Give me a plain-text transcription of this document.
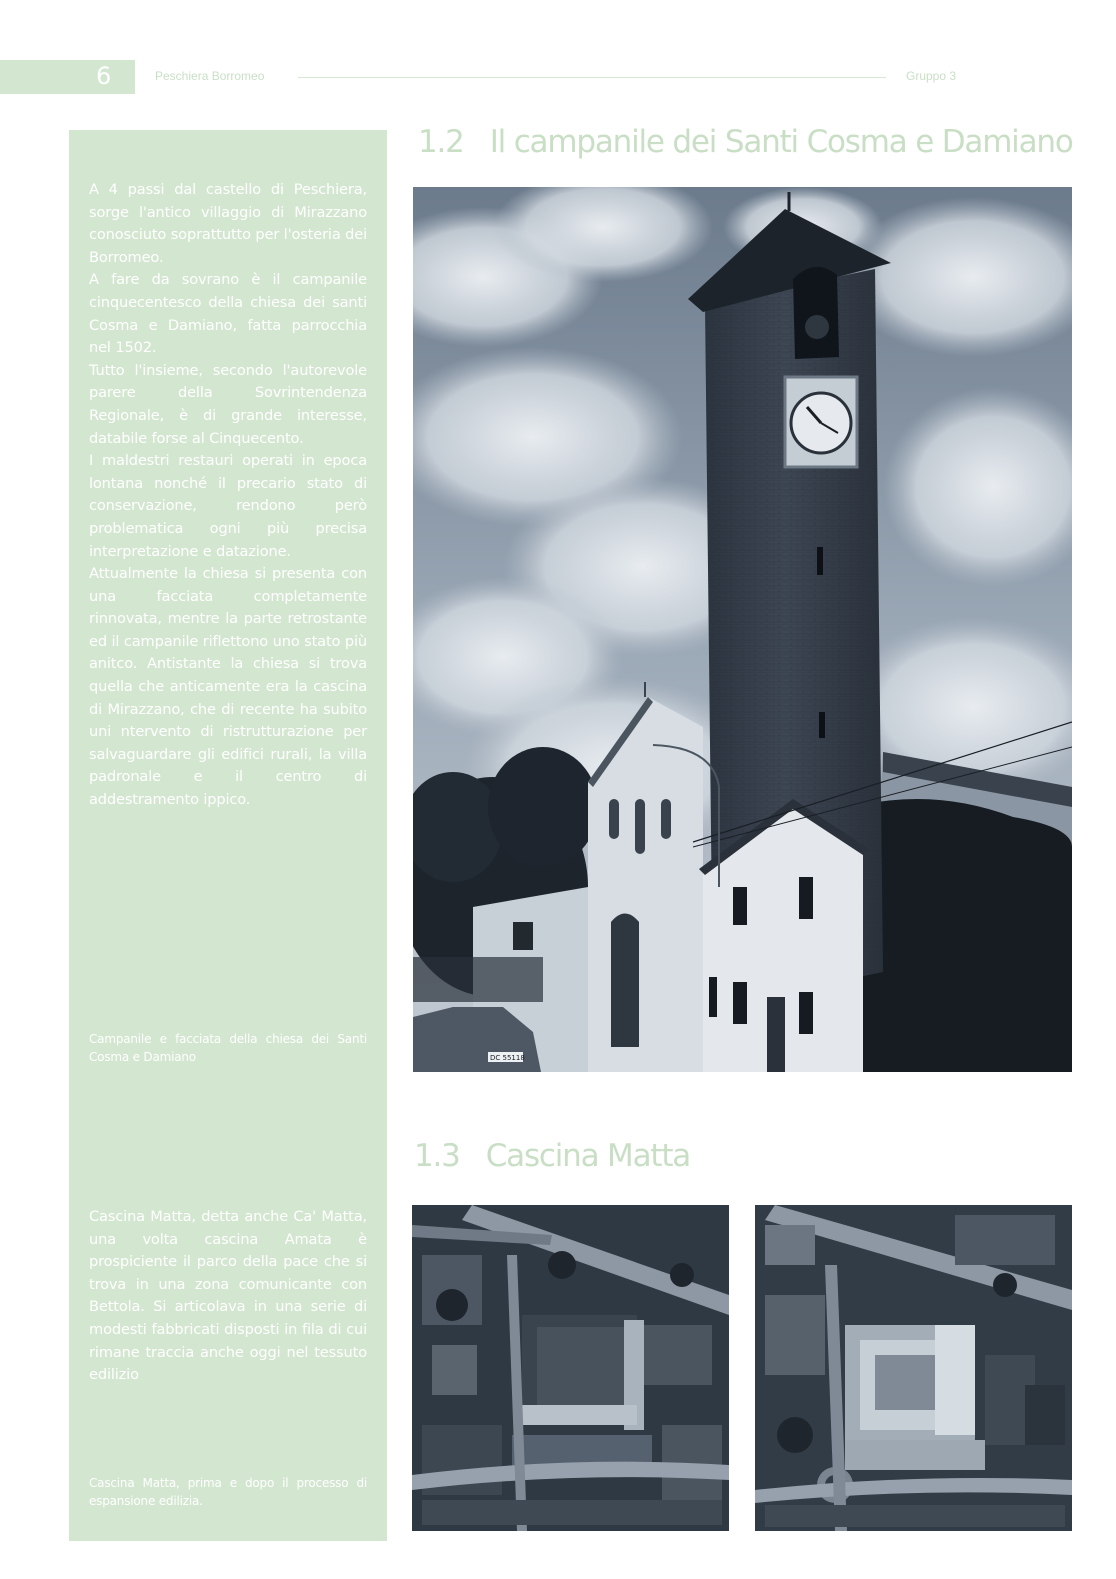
6	Peschiera Borromeo	Gruppo 3

A 4 passi dal castello di Peschiera, sorge l'antico villaggio di Mirazzano conosciuto soprattutto per l'osteria dei Borromeo.

A fare da sovrano è il campanile cinquecentesco della chiesa dei santi Cosma e Damiano, fatta parrocchia nel 1502.

Tutto l'insieme, secondo l'autorevole parere della Sovrintendenza Regionale, è di grande interesse, databile forse al Cinquecento.

I maldestri restauri operati in epoca lontana nonché il precario stato di conservazione, rendono però problematica ogni più precisa interpretazione e datazione.

Attualmente la chiesa si presenta con una facciata completamente rinnovata, mentre la parte retrostante ed il campanile riflettono uno stato più anitco. Antistante la chiesa si trova quella che anticamente era la cascina di Mirazzano, che di recente ha subito uni ntervento di ristrutturazione per salvaguardare gli edifici rurali, la villa padronale e il centro di addestramento ippico.

Campanile e facciata della chiesa dei Santi Cosma e Damiano

Cascina Matta, detta anche Ca' Matta, una volta cascina Amata è prospiciente il parco della pace che si trova in una zona comunicante con Bettola. Si articolava in una serie di modesti fabbricati disposti in fila di cui rimane traccia anche oggi nel tessuto edilizio

Cascina Matta, prima e dopo il processo di espansione edilizia.
1.2 Il campanile dei Santi Cosma e Damiano
DC 55118
1.3 Cascina Matta
